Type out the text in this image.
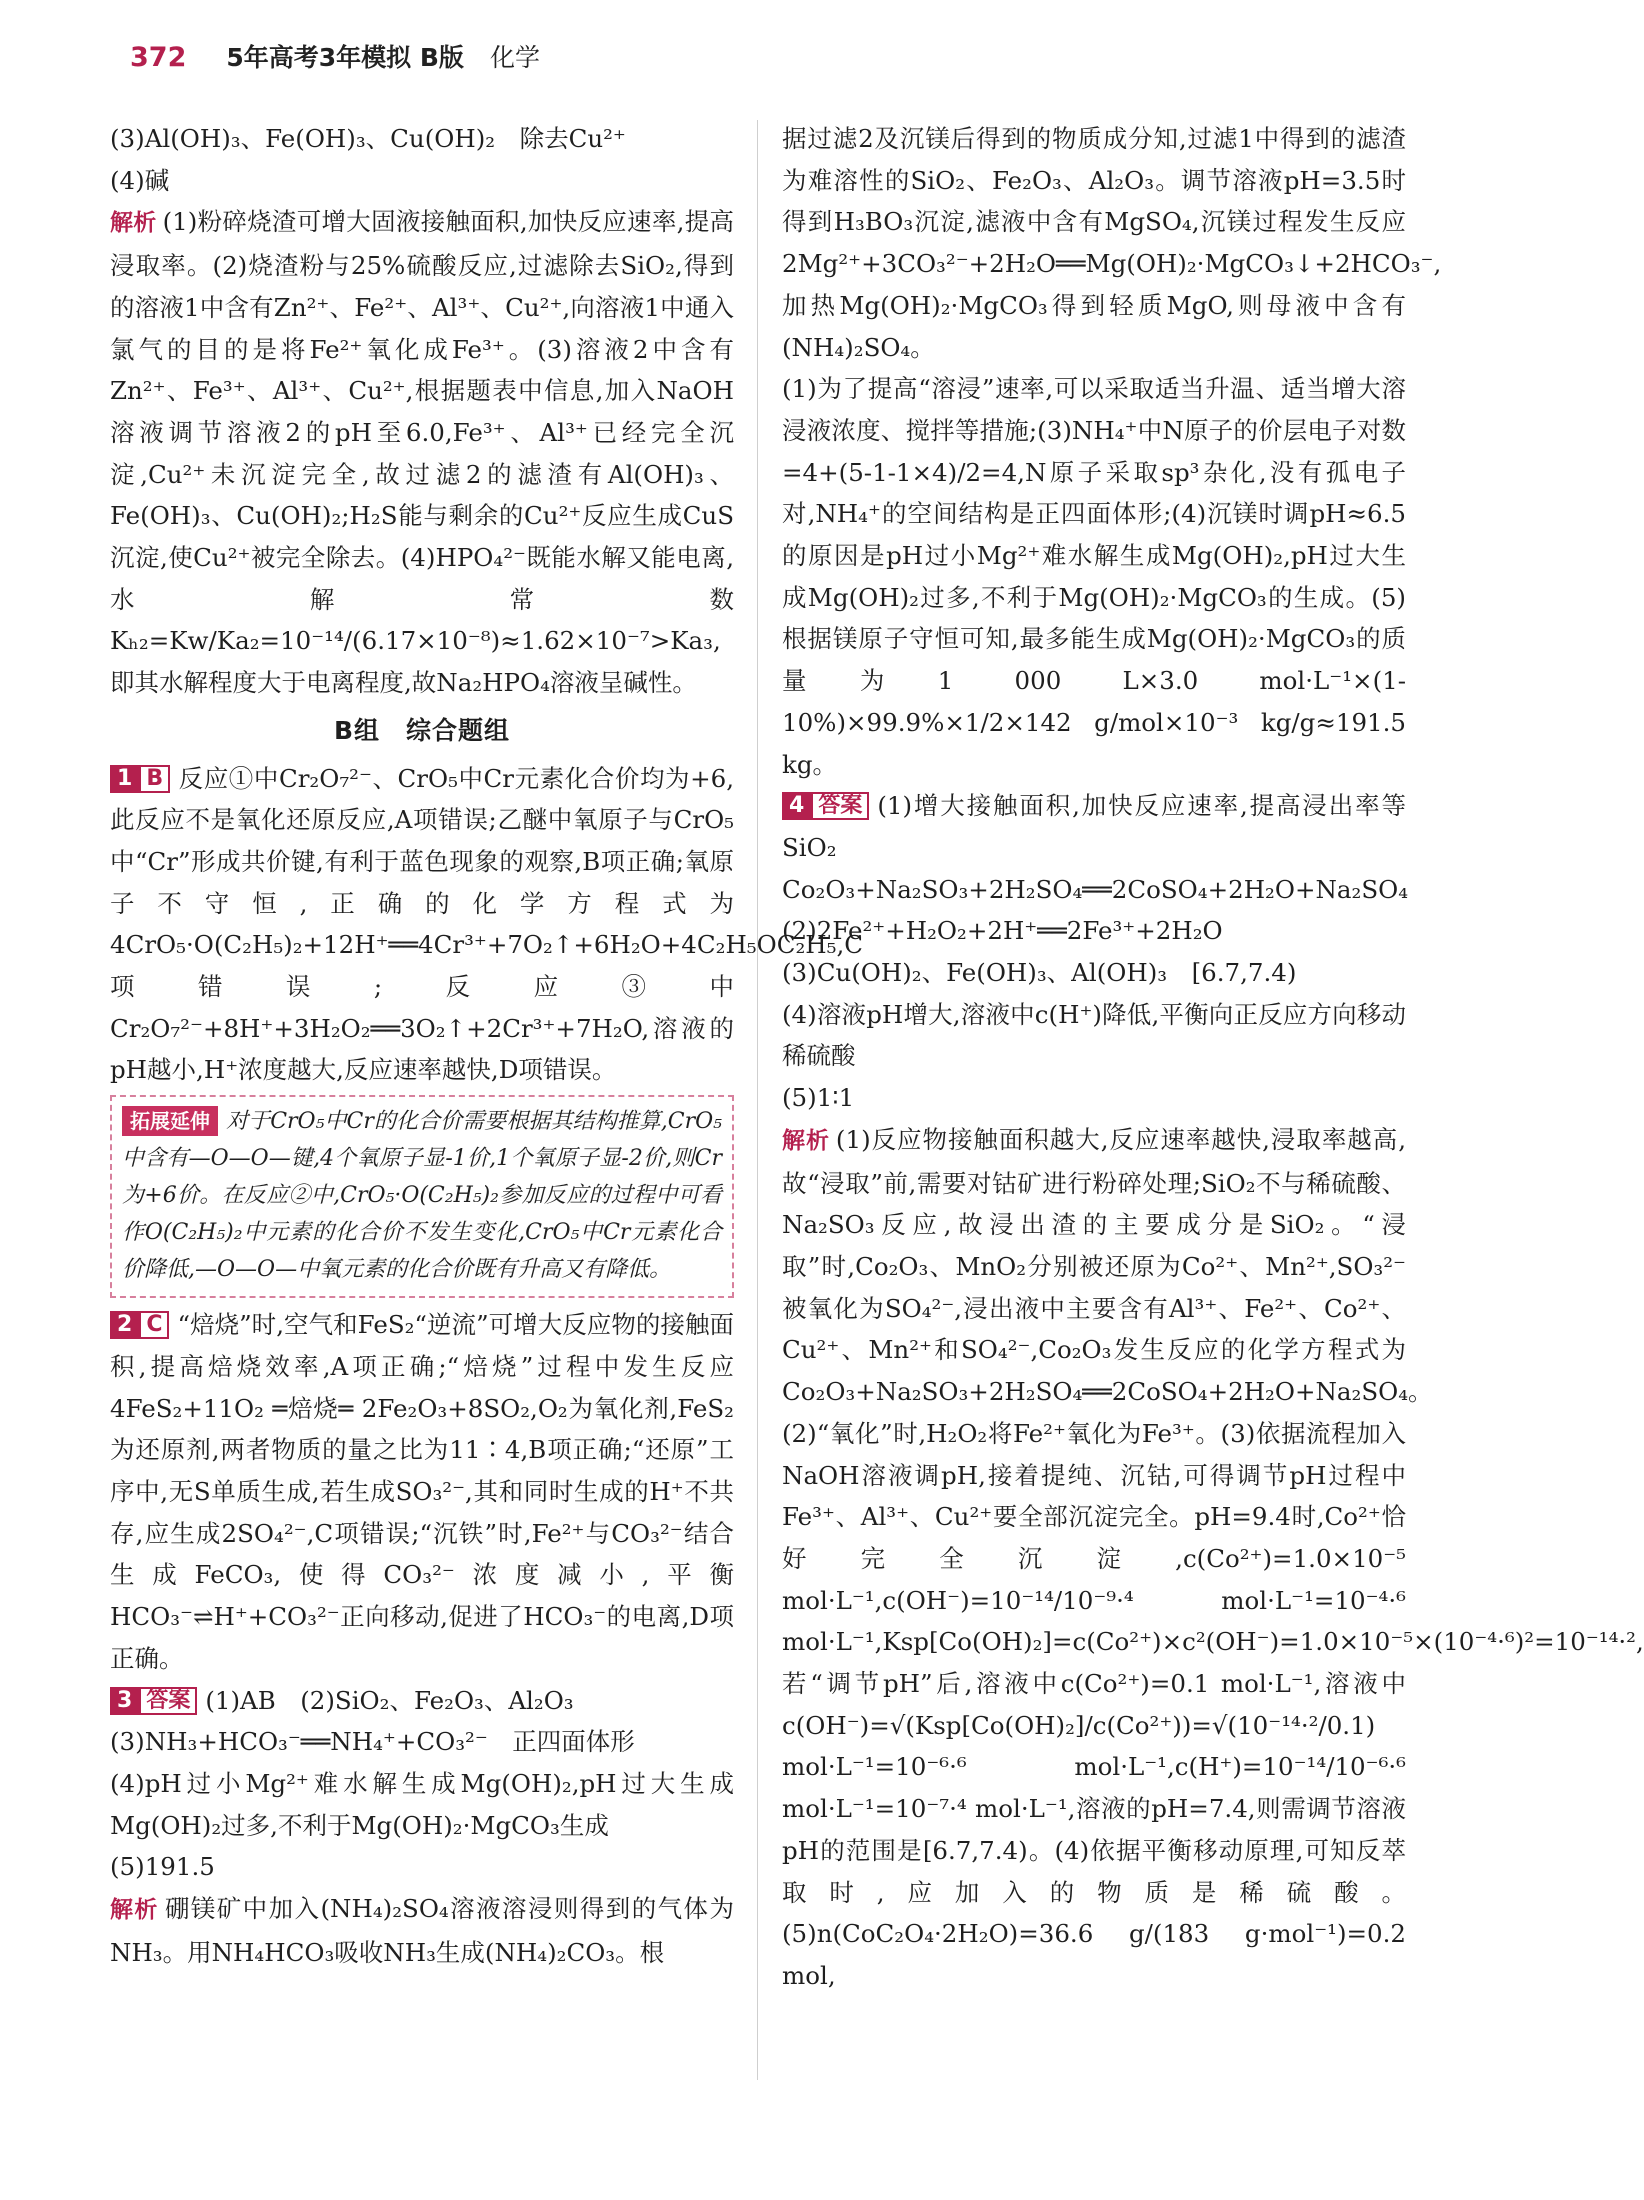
372 5年高考3年模拟 B版 化学
(3)Al(OH)₃、Fe(OH)₃、Cu(OH)₂　除去Cu²⁺
(4)碱
解析 (1)粉碎烧渣可增大固液接触面积,加快反应速率,提高浸取率。(2)烧渣粉与25%硫酸反应,过滤除去SiO₂,得到的溶液1中含有Zn²⁺、Fe²⁺、Al³⁺、Cu²⁺,向溶液1中通入氯气的目的是将Fe²⁺氧化成Fe³⁺。(3)溶液2中含有Zn²⁺、Fe³⁺、Al³⁺、Cu²⁺,根据题表中信息,加入NaOH溶液调节溶液2的pH至6.0,Fe³⁺、Al³⁺已经完全沉淀,Cu²⁺未沉淀完全,故过滤2的滤渣有Al(OH)₃、Fe(OH)₃、Cu(OH)₂;H₂S能与剩余的Cu²⁺反应生成CuS沉淀,使Cu²⁺被完全除去。(4)HPO₄²⁻既能水解又能电离,水解常数Kₕ₂=Kw/Ka₂=10⁻¹⁴/(6.17×10⁻⁸)≈1.62×10⁻⁷>Ka₃,即其水解程度大于电离程度,故Na₂HPO₄溶液呈碱性。
B组　综合题组
1 B 反应①中Cr₂O₇²⁻、CrO₅中Cr元素化合价均为+6,此反应不是氧化还原反应,A项错误;乙醚中氧原子与CrO₅中“Cr”形成共价键,有利于蓝色现象的观察,B项正确;氧原子不守恒,正确的化学方程式为4CrO₅·O(C₂H₅)₂+12H⁺══4Cr³⁺+7O₂↑+6H₂O+4C₂H₅OC₂H₅,C项错误;反应③中Cr₂O₇²⁻+8H⁺+3H₂O₂══3O₂↑+2Cr³⁺+7H₂O,溶液的pH越小,H⁺浓度越大,反应速率越快,D项错误。
拓展延伸 对于CrO₅中Cr的化合价需要根据其结构推算,CrO₅中含有—O—O—键,4个氧原子显-1价,1个氧原子显-2价,则Cr为+6价。在反应②中,CrO₅·O(C₂H₅)₂参加反应的过程中可看作O(C₂H₅)₂中元素的化合价不发生变化,CrO₅中Cr元素化合价降低,—O—O—中氧元素的化合价既有升高又有降低。
2 C “焙烧”时,空气和FeS₂“逆流”可增大反应物的接触面积,提高焙烧效率,A项正确;“焙烧”过程中发生反应4FeS₂+11O₂ ═焙烧═ 2Fe₂O₃+8SO₂,O₂为氧化剂,FeS₂为还原剂,两者物质的量之比为11∶4,B项正确;“还原”工序中,无S单质生成,若生成SO₃²⁻,其和同时生成的H⁺不共存,应生成2SO₄²⁻,C项错误;“沉铁”时,Fe²⁺与CO₃²⁻结合生成FeCO₃,使得CO₃²⁻浓度减小,平衡HCO₃⁻⇌H⁺+CO₃²⁻正向移动,促进了HCO₃⁻的电离,D项正确。
3 答案 (1)AB　(2)SiO₂、Fe₂O₃、Al₂O₃
(3)NH₃+HCO₃⁻══NH₄⁺+CO₃²⁻　正四面体形
(4)pH过小Mg²⁺难水解生成Mg(OH)₂,pH过大生成Mg(OH)₂过多,不利于Mg(OH)₂·MgCO₃生成
(5)191.5
解析 硼镁矿中加入(NH₄)₂SO₄溶液溶浸则得到的气体为NH₃。用NH₄HCO₃吸收NH₃生成(NH₄)₂CO₃。根
据过滤2及沉镁后得到的物质成分知,过滤1中得到的滤渣为难溶性的SiO₂、Fe₂O₃、Al₂O₃。调节溶液pH=3.5时得到H₃BO₃沉淀,滤液中含有MgSO₄,沉镁过程发生反应2Mg²⁺+3CO₃²⁻+2H₂O══Mg(OH)₂·MgCO₃↓+2HCO₃⁻,加热Mg(OH)₂·MgCO₃得到轻质MgO,则母液中含有(NH₄)₂SO₄。
(1)为了提高“溶浸”速率,可以采取适当升温、适当增大溶浸液浓度、搅拌等措施;(3)NH₄⁺中N原子的价层电子对数=4+(5-1-1×4)/2=4,N原子采取sp³杂化,没有孤电子对,NH₄⁺的空间结构是正四面体形;(4)沉镁时调pH≈6.5的原因是pH过小Mg²⁺难水解生成Mg(OH)₂,pH过大生成Mg(OH)₂过多,不利于Mg(OH)₂·MgCO₃的生成。(5)根据镁原子守恒可知,最多能生成Mg(OH)₂·MgCO₃的质量为1 000 L×3.0 mol·L⁻¹×(1-10%)×99.9%×1/2×142 g/mol×10⁻³ kg/g≈191.5 kg。
4 答案 (1)增大接触面积,加快反应速率,提高浸出率等　SiO₂　Co₂O₃+Na₂SO₃+2H₂SO₄══2CoSO₄+2H₂O+Na₂SO₄
(2)2Fe²⁺+H₂O₂+2H⁺══2Fe³⁺+2H₂O
(3)Cu(OH)₂、Fe(OH)₃、Al(OH)₃　[6.7,7.4)
(4)溶液pH增大,溶液中c(H⁺)降低,平衡向正反应方向移动　稀硫酸
(5)1∶1
解析 (1)反应物接触面积越大,反应速率越快,浸取率越高,故“浸取”前,需要对钴矿进行粉碎处理;SiO₂不与稀硫酸、Na₂SO₃反应,故浸出渣的主要成分是SiO₂。“浸取”时,Co₂O₃、MnO₂分别被还原为Co²⁺、Mn²⁺,SO₃²⁻被氧化为SO₄²⁻,浸出液中主要含有Al³⁺、Fe²⁺、Co²⁺、Cu²⁺、Mn²⁺和SO₄²⁻,Co₂O₃发生反应的化学方程式为Co₂O₃+Na₂SO₃+2H₂SO₄══2CoSO₄+2H₂O+Na₂SO₄。(2)“氧化”时,H₂O₂将Fe²⁺氧化为Fe³⁺。(3)依据流程加入NaOH溶液调pH,接着提纯、沉钴,可得调节pH过程中Fe³⁺、Al³⁺、Cu²⁺要全部沉淀完全。pH=9.4时,Co²⁺恰好完全沉淀,c(Co²⁺)=1.0×10⁻⁵ mol·L⁻¹,c(OH⁻)=10⁻¹⁴/10⁻⁹·⁴ mol·L⁻¹=10⁻⁴·⁶ mol·L⁻¹,Ksp[Co(OH)₂]=c(Co²⁺)×c²(OH⁻)=1.0×10⁻⁵×(10⁻⁴·⁶)²=10⁻¹⁴·²,若“调节pH”后,溶液中c(Co²⁺)=0.1 mol·L⁻¹,溶液中c(OH⁻)=√(Ksp[Co(OH)₂]/c(Co²⁺))=√(10⁻¹⁴·²/0.1) mol·L⁻¹=10⁻⁶·⁶ mol·L⁻¹,c(H⁺)=10⁻¹⁴/10⁻⁶·⁶ mol·L⁻¹=10⁻⁷·⁴ mol·L⁻¹,溶液的pH=7.4,则需调节溶液pH的范围是[6.7,7.4)。(4)依据平衡移动原理,可知反萃取时,应加入的物质是稀硫酸。(5)n(CoC₂O₄·2H₂O)=36.6 g/(183 g·mol⁻¹)=0.2 mol,
